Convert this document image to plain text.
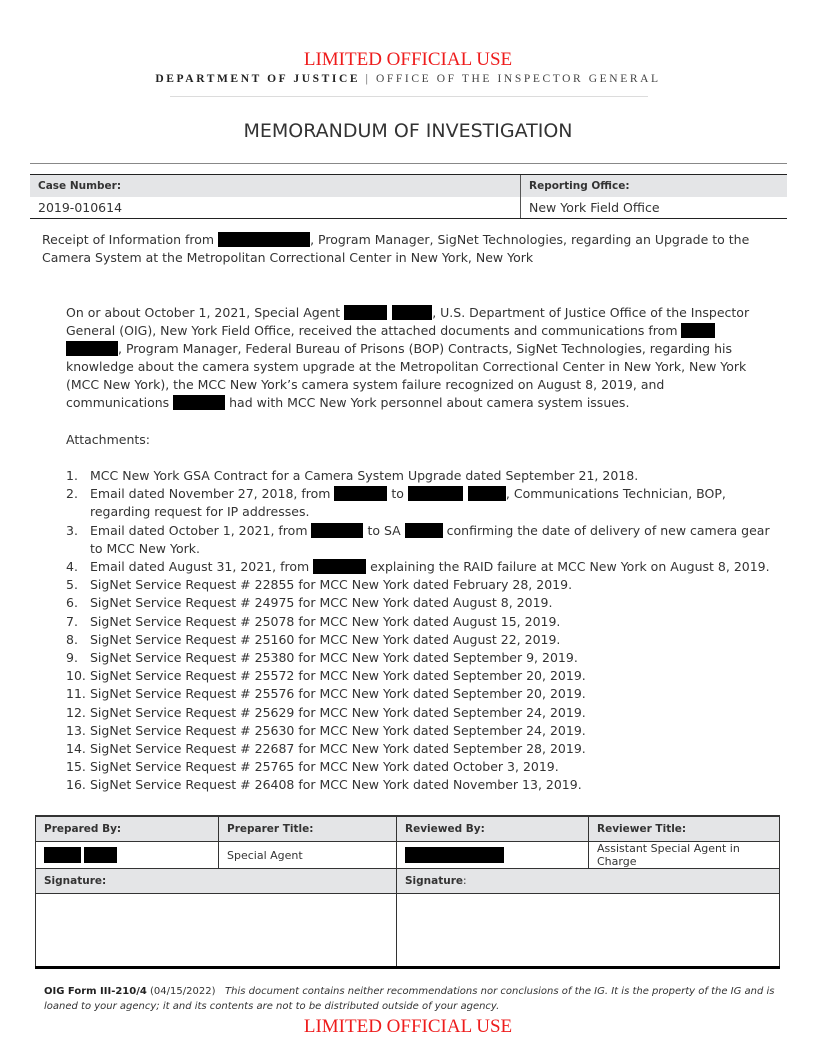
LIMITED OFFICIAL USE
DEPARTMENT OF JUSTICE | OFFICE OF THE INSPECTOR GENERAL
MEMORANDUM OF INVESTIGATION
Case Number:	Reporting Office:
2019-010614	New York Field Office
Receipt of Information from	, Program Manager, SigNet Technologies, regarding an Upgrade to the Camera System at the Metropolitan Correctional Center in New York, New York
On or about October 1, 2021, Special Agent	, U.S. Department of Justice Office of the Inspector General (OIG), New York Field Office, received the attached documents and communications from  , Program Manager, Federal Bureau of Prisons (BOP) Contracts, SigNet Technologies, regarding his knowledge about the camera system upgrade at the Metropolitan Correctional Center in New York, New York (MCC New York), the MCC New York’s camera system failure recognized on August 8, 2019, and communications	had with MCC New York personnel about camera system issues.
Attachments:
1. MCC New York GSA Contract for a Camera System Upgrade dated September 21, 2018.
2. Email dated November 27, 2018, from	to	, Communications Technician, BOP, regarding request for IP addresses.
3. Email dated October 1, 2021, from	to SA	confirming the date of delivery of new camera gear to MCC New York.
4. Email dated August 31, 2021, from	explaining the RAID failure at MCC New York on August 8, 2019.
5. SigNet Service Request # 22855 for MCC New York dated February 28, 2019.
6. SigNet Service Request # 24975 for MCC New York dated August 8, 2019.
7. SigNet Service Request # 25078 for MCC New York dated August 15, 2019.
8. SigNet Service Request # 25160 for MCC New York dated August 22, 2019.
9. SigNet Service Request # 25380 for MCC New York dated September 9, 2019.
10. SigNet Service Request # 25572 for MCC New York dated September 20, 2019.
11. SigNet Service Request # 25576 for MCC New York dated September 20, 2019.
12. SigNet Service Request # 25629 for MCC New York dated September 24, 2019.
13. SigNet Service Request # 25630 for MCC New York dated September 24, 2019.
14. SigNet Service Request # 22687 for MCC New York dated September 28, 2019.
15. SigNet Service Request # 25765 for MCC New York dated October 3, 2019.
16. SigNet Service Request # 26408 for MCC New York dated November 13, 2019.
Prepared By:	Preparer Title:	Reviewed By:	Reviewer Title:
	Special Agent		Assistant Special Agent in Charge
Signature:		Signature:	

OIG Form III-210/4 (04/15/2022) This document contains neither recommendations nor conclusions of the IG. It is the property of the IG and is loaned to your agency; it and its contents are not to be distributed outside of your agency.
LIMITED OFFICIAL USE
